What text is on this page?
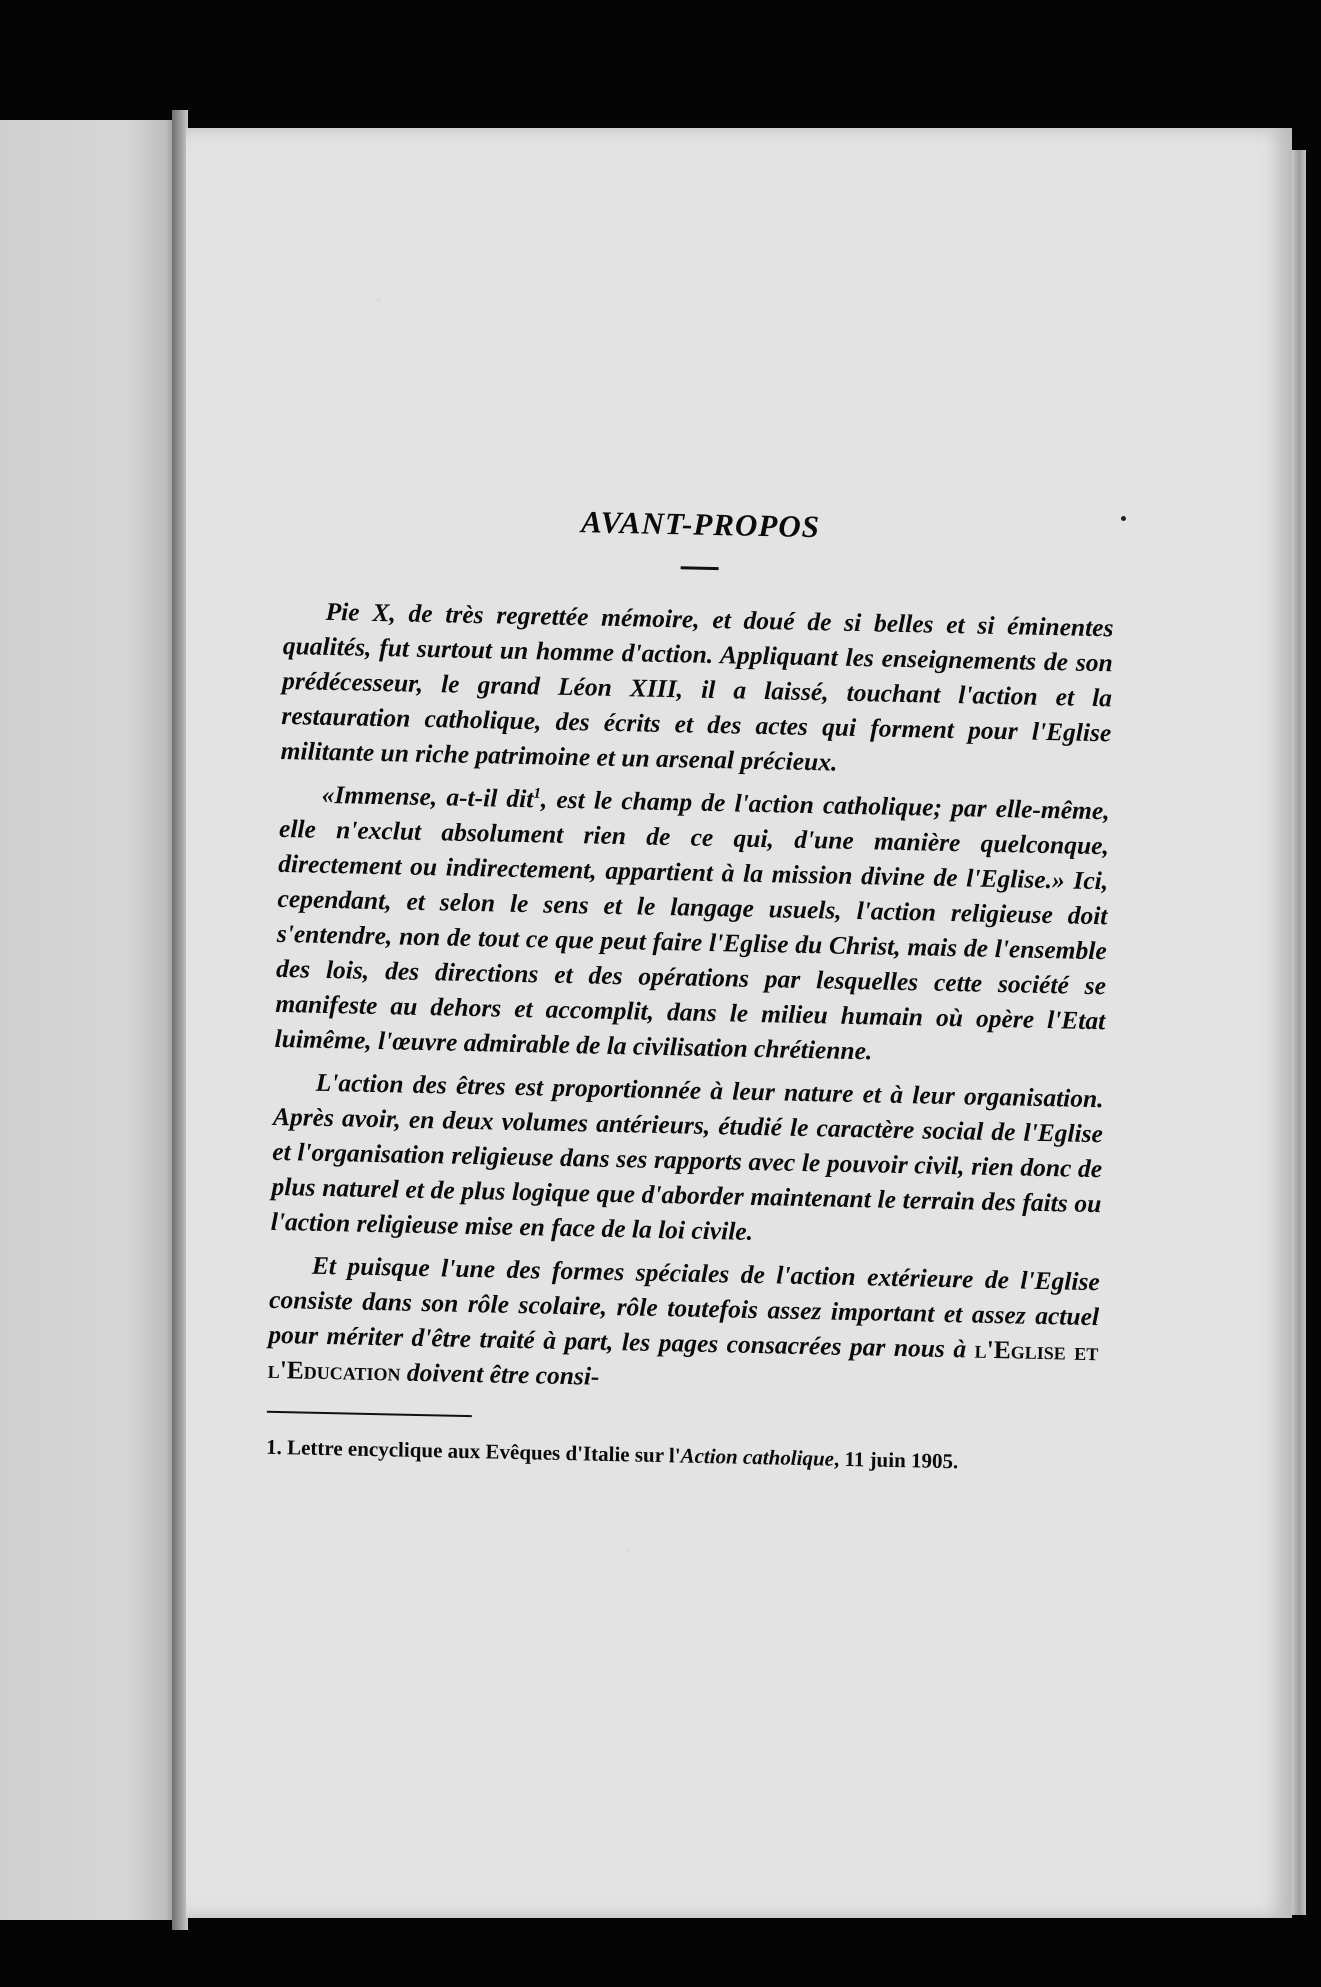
AVANT-PROPOS

Pie X, de très regrettée mémoire, et doué de si belles et si éminentes qualités, fut surtout un homme d'action. Appliquant les enseignements de son prédécesseur, le grand Léon XIII, il a laissé, touchant l'action et la restauration catholique, des écrits et des actes qui forment pour l'Eglise militante un riche patrimoine et un arsenal précieux.

«Immense, a-t-il dit$^1$, est le champ de l'action catholique; par elle-même, elle n'exclut absolument rien de ce qui, d'une manière quelconque, directement ou indirectement, appartient à la mission divine de l'Eglise.» Ici, cependant, et selon le sens et le langage usuels, l'action religieuse doit s'entendre, non de tout ce que peut faire l'Eglise du Christ, mais de l'ensemble des lois, des directions et des opérations par lesquelles cette société se manifeste au dehors et accomplit, dans le milieu humain où opère l'Etat luimême, l'œuvre admirable de la civilisation chrétienne.

L'action des êtres est proportionnée à leur nature et à leur organisation. Après avoir, en deux volumes antérieurs, étudié le caractère social de l'Eglise et l'organisation religieuse dans ses rapports avec le pouvoir civil, rien donc de plus naturel et de plus logique que d'aborder maintenant le terrain des faits ou l'action religieuse mise en face de la loi civile.

Et puisque l'une des formes spéciales de l'action extérieure de l'Eglise consiste dans son rôle scolaire, rôle toutefois assez important et assez actuel pour mériter d'être traité à part, les pages consacrées par nous à l'Eglise et l'Education doivent être consi-

1. Lettre encyclique aux Evêques d'Italie sur l'Action catholique, 11 juin 1905.
